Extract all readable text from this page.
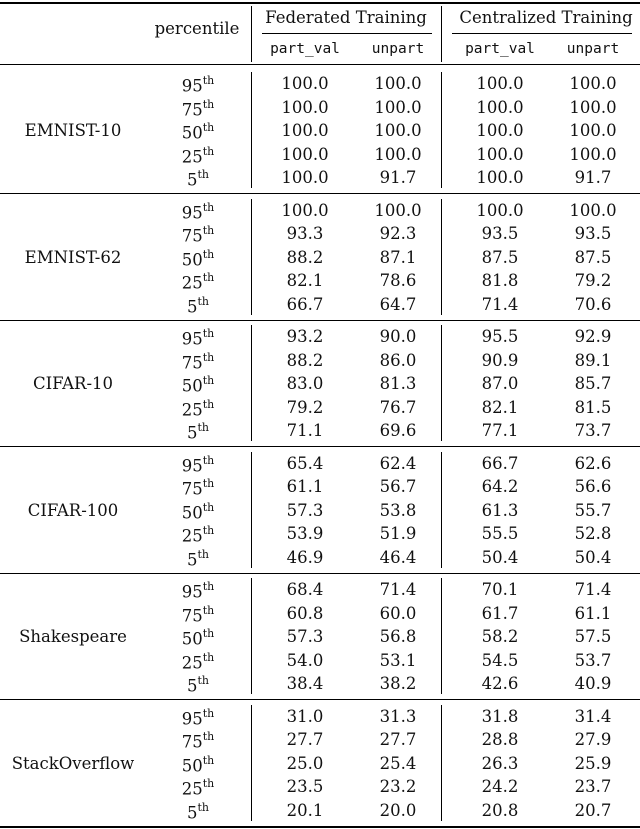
percentile
Federated Training Centralized Training
part_val unpart	part_val unpart
EMNIST-10
95th	100.0	100.0	100.0	100.0
75th	100.0	100.0	100.0	100.0
50th	100.0	100.0	100.0	100.0
25th	100.0	100.0	100.0	100.0
5th	100.0	91.7	100.0	91.7
EMNIST-62
95th	100.0	100.0	100.0	100.0
75th	93.3	92.3	93.5	93.5
50th	88.2	87.1	87.5	87.5
25th	82.1	78.6	81.8	79.2
5th	66.7	64.7	71.4	70.6
CIFAR-10
95th	93.2	90.0	95.5	92.9
75th	88.2	86.0	90.9	89.1
50th	83.0	81.3	87.0	85.7
25th	79.2	76.7	82.1	81.5
5th	71.1	69.6	77.1	73.7
CIFAR-100
95th	65.4	62.4	66.7	62.6
75th	61.1	56.7	64.2	56.6
50th	57.3	53.8	61.3	55.7
25th	53.9	51.9	55.5	52.8
5th	46.9	46.4	50.4	50.4
Shakespeare
95th	68.4	71.4	70.1	71.4
75th	60.8	60.0	61.7	61.1
50th	57.3	56.8	58.2	57.5
25th	54.0	53.1	54.5	53.7
5th	38.4	38.2	42.6	40.9
StackOverflow
95th	31.0	31.3	31.8	31.4
75th	27.7	27.7	28.8	27.9
50th	25.0	25.4	26.3	25.9
25th	23.5	23.2	24.2	23.7
5th	20.1	20.0	20.8	20.7
